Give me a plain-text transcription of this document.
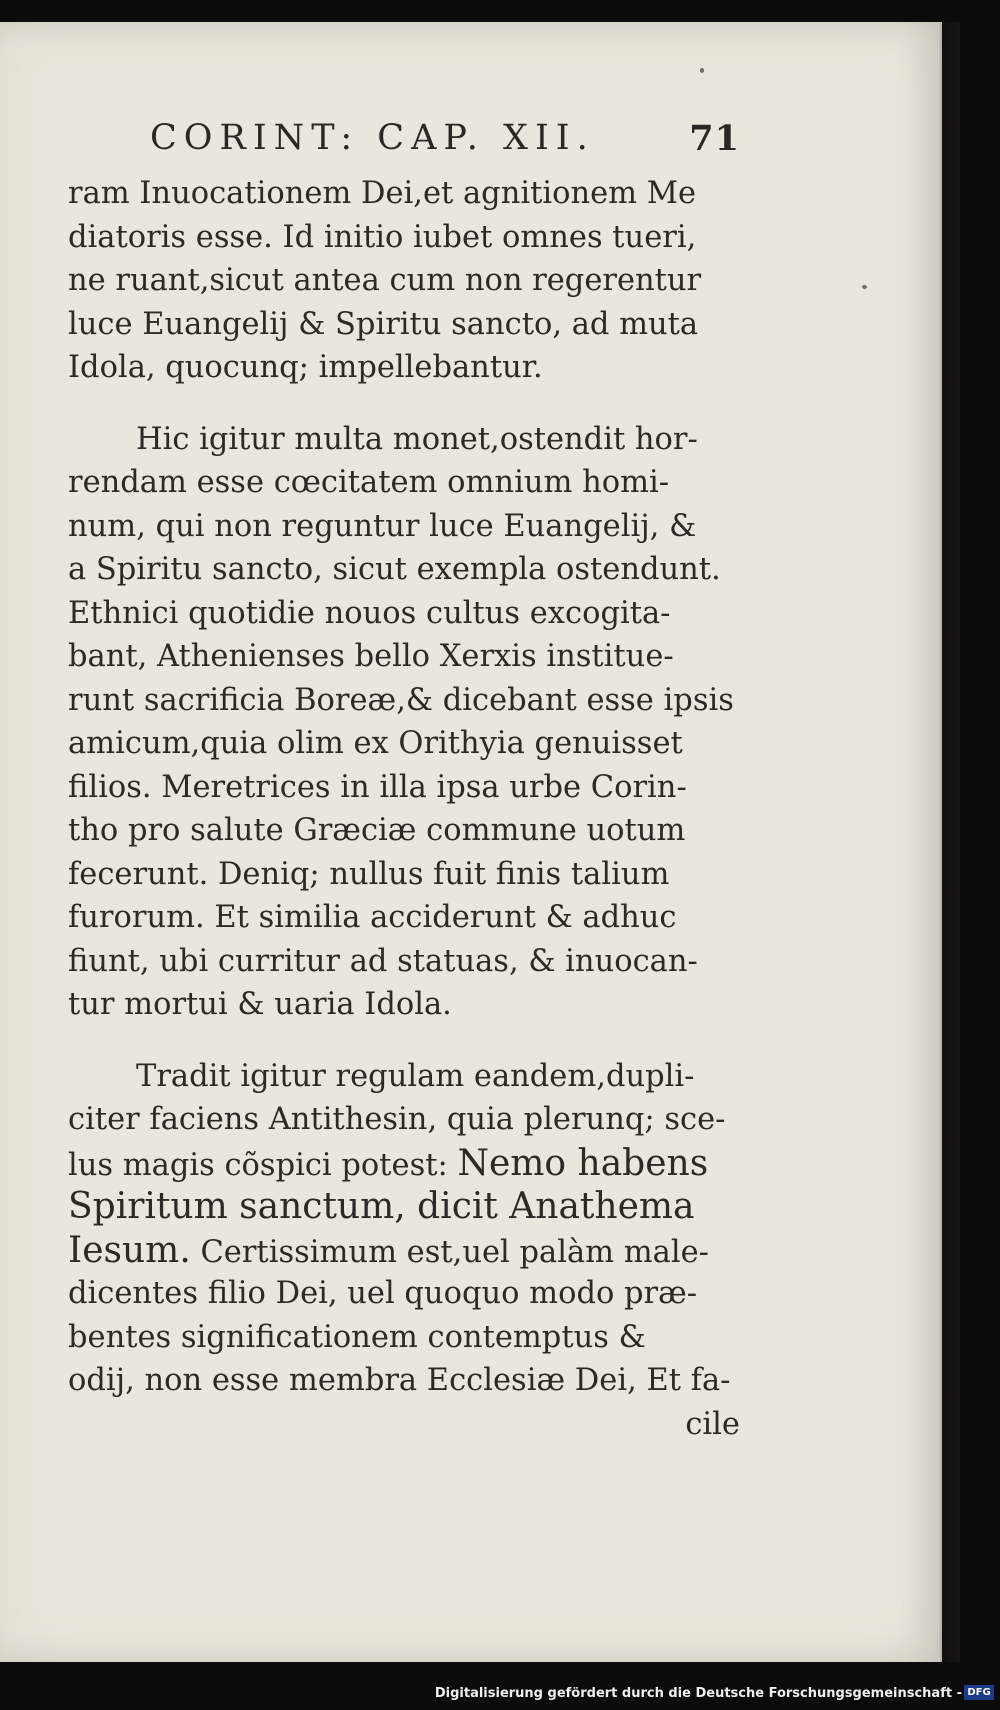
CORINT: CAP. XII.	71
ram Inuocationem Dei,et agnitionem Me
diatoris esse. Id initio iubet omnes tueri,
ne ruant,sicut antea cum non regerentur
luce Euangelij & Spiritu sancto, ad muta
Idola, quocunq; impellebantur.
Hic igitur multa monet,ostendit hor-
rendam esse cœcitatem omnium homi-
num, qui non reguntur luce Euangelij, &
a Spiritu sancto, sicut exempla ostendunt.
Ethnici quotidie nouos cultus excogita-
bant, Athenienses bello Xerxis institue-
runt sacrificia Boreæ,& dicebant esse ipsis
amicum,quia olim ex Orithyia genuisset
filios. Meretrices in illa ipsa urbe Corin-
tho pro salute Græciæ commune uotum
fecerunt. Deniq; nullus fuit finis talium
furorum. Et similia acciderunt & adhuc
fiunt, ubi curritur ad statuas, & inuocan-
tur mortui & uaria Idola.
Tradit igitur regulam eandem,dupli-
citer faciens Antithesin, quia plerunq; sce-
lus magis cõspici potest: Nemo habens
Spiritum sanctum, dicit Anathema
Iesum. Certissimum est,uel palàm male-
dicentes filio Dei, uel quoquo modo præ-
bentes significationem contemptus &
odij, non esse membra Ecclesiæ Dei, Et fa-
cile
Digitalisierung gefördert durch die Deutsche Forschungsgemeinschaft - DFG
